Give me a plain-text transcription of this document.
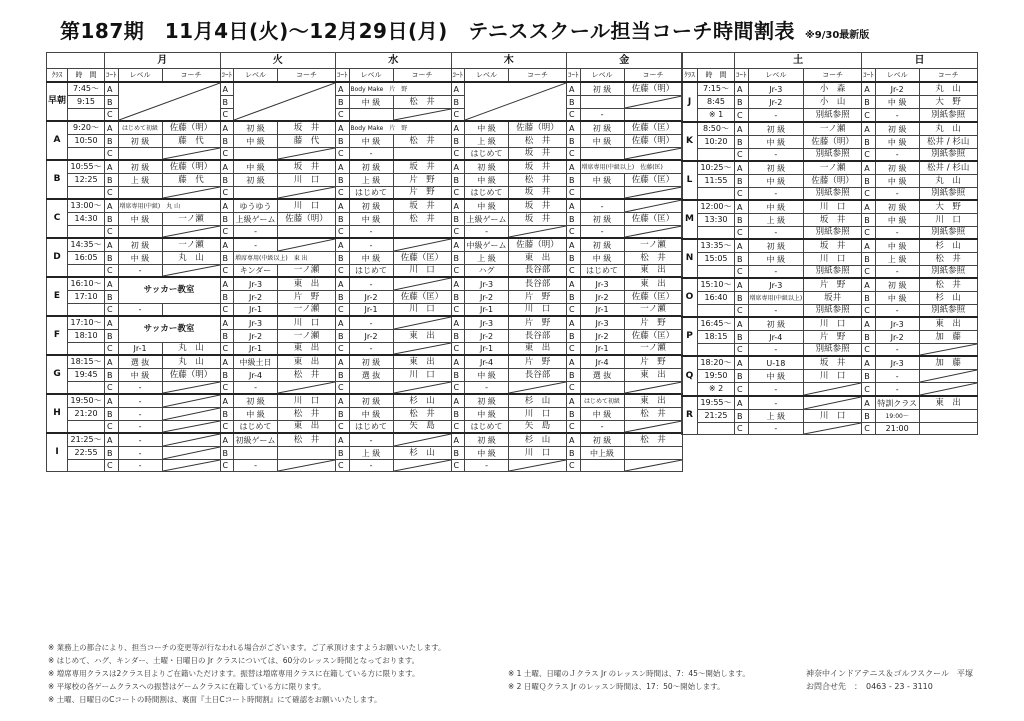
第187期　11月4日(火)〜12月29日(月)　テニススクール担当コーチ時間割表 ※9/30最新版
		月			火			水			木			金		
ｸﾗｽ	時　間	ｺｰﾄ	レベル	コーチ	ｺｰﾄ	レベル	コーチ	ｺｰﾄ	レベル	コーチ	ｺｰﾄ	レベル	コーチ	ｺｰﾄ	レベル	コーチ
早朝	7:45〜	A			A			A	Body Make　片　野		A			A	初 級	佐藤（明）
	9:15	B			B			B	中 級	松　井	B			B		

		C			C			C			C			C	-	
A	9:20〜	A	はじめて初級	佐藤（明）	A	初 級	坂　井	A	Body Make　片　野		A	中 級	佐藤（明）	A	初 級	佐藤（匡）
	10:50	B	初 級	藤　代	B	中 級	藤　代	B	中 級	松　井	B	上 級	松　井	B	中 級	佐藤（明）
		C			C			C	-		C	はじめて	坂　井	C		

B	10:55〜	A	初 級	佐藤（明）	A	中 級	坂　井	A	初 級	坂　井	A	初 級	坂　井	A	増席専用(中級以上)　佐藤(匡)	
	12:25	B	上 級	藤　代	B	初 級	川　口	B	上 級	片　野	B	中 級	松　井	B	中 級	佐藤（匡）
		C			C			C	はじめて	片　野	C	はじめて	坂　井	C		

C	13:00〜	A	増席専用(中級)　丸 山		A	ゆうゆう	川　口	A	初 級	坂　井	A	中 級	坂　井	A	-	

	14:30	B	中 級	一ノ瀬	B	上級ゲーム	佐藤（明）	B	中 級	松　井	B	上級ゲーム	坂　井	B	初 級	佐藤（匡）
		C			C	-		C	-		C	-		C	-	

D	14:35〜	A	初 級	一ノ瀬	A	-		A	-		A	中級ゲーム	佐藤（明）	A	初 級	一ノ瀬
	16:05	B	中 級	丸　山	B	増席専用(中級以上)　東 出		B	中 級	佐藤（匡）	B	上 級	東　出	B	中 級	松　井
		C	-		C	キンダー	一ノ瀬	C	はじめて	川　口	C	ハグ	長谷部	C	はじめて	東　出
E	16:10〜	A	サッカー教室		A	Jr-3	東　出	A	-		A	Jr-3	長谷部	A	Jr-3	東　出
	17:10	B			B	Jr-2	片　野	B	Jr-2	佐藤（匡）	B	Jr-2	片　野	B	Jr-2	佐藤（匡）
		C	-		C	Jr-1	一ノ瀬	C	Jr-1	川　口	C	Jr-1	川　口	C	Jr-1	一ノ瀬
F	17:10〜	A	サッカー教室		A	Jr-3	川　口	A	-		A	Jr-3	片　野	A	Jr-3	片　野
	18:10	B			B	Jr-2	一ノ瀬	B	Jr-2	東　出	B	Jr-2	長谷部	B	Jr-2	佐藤（匡）
		C	Jr-1	丸　山	C	Jr-1	東　出	C	-		C	Jr-1	東　出	C	Jr-1	一ノ瀬
G	18:15〜	A	選 抜	丸　山	A	中級土日	東　出	A	初 級	東　出	A	Jr-4	片　野	A	Jr-4	片　野
	19:45	B	中 級	佐藤（明）	B	Jr-4	松　井	B	選 抜	川　口	B	中 級	長谷部	B	選 抜	東　出
		C	-		C	-		C			C	-		C		

H	19:50〜	A	-		A	初 級	川　口	A	初 級	杉　山	A	初 級	杉　山	A	はじめて初級	東　出
	21:20	B	-		B	中 級	松　井	B	中 級	松　井	B	中 級	川　口	B	中 級	松　井
		C	-		C	はじめて	東　出	C	はじめて	矢　島	C	はじめて	矢　島	C	-	

I	21:25〜	A	-		A	初級ゲーム	松　井	A	-		A	初 級	杉　山	A	初 級	松　井
	22:55	B	-		B			B	上 級	杉　山	B	中 級	川　口	B	中上級	
		C	-		C	-		C	-		C	-		C		
		土			日		
ｸﾗｽ	時　間	ｺｰﾄ	レベル	コーチ	ｺｰﾄ	レベル	コーチ
J	7:15〜	A	Jr-3	小　森	A	Jr-2	丸　山
	8:45	B	Jr-2	小　山	B	中 級	大　野
	※ 1	C	-	別紙参照	C	-	別紙参照
K	8:50〜	A	初 級	一ノ瀬	A	初 級	丸　山
	10:20	B	中 級	佐藤（明）	B	中 級	松井 / 杉山
		C	-	別紙参照	C	-	別紙参照
L	10:25〜	A	初 級	一ノ瀬	A	初 級	松井 / 杉山
	11:55	B	中 級	佐藤（明）	B	中 級	丸　山
		C	-	別紙参照	C	-	別紙参照
M	12:00〜	A	中 級	川　口	A	初 級	大　野
	13:30	B	上 級	坂　井	B	中 級	川　口
		C	-	別紙参照	C	-	別紙参照
N	13:35〜	A	初 級	坂　井	A	中 級	杉　山
	15:05	B	中 級	川　口	B	上 級	松　井
		C	-	別紙参照	C	-	別紙参照
O	15:10〜	A	Jr-3	片　野	A	初 級	松　井
	16:40	B	増席専用(中級以上)	坂井	B	中 級	杉　山
		C	-	別紙参照	C	-	別紙参照
P	16:45〜	A	初 級	川　口	A	Jr-3	東　出
	18:15	B	Jr-4	片　野	B	Jr-2	加　藤
		C	-	別紙参照	C	-	

Q	18:20〜	A	U-18	坂　井	A	Jr-3	加　藤
	19:50	B	中 級	川　口	B	-	

	※ 2	C	-		C	-	

R	19:55〜	A	-		A	特訓クラス	東　出
	21:25	B	上 級	川　口	B	19:00〜	
		C	-		C	21:00	
※ 業務上の都合により、担当コーチの変更等が行なわれる場合がございます。ご了承頂けますようお願いいたします。
※ はじめて、ハグ、キンダー、土曜・日曜日の Jr クラスについては、60分のレッスン時間となっております。
※ 増席専用クラスは2クラス目よりご在籍いただけます。振替は増席専用クラスに在籍している方に限ります。
※ 平塚校の各ゲームクラスへの振替はゲームクラスに在籍している方に限ります。
※ 土曜、日曜日のCコートの時間割は、裏面『土日Cコート時間割』にて確認をお願いいたします。
※ 1 土曜、日曜のＪクラス Jr のレッスン時間は、7：45〜開始します。
※ 2 日曜Ｑクラス Jr のレッスン時間は、17：50〜開始します。
神奈中インドアテニス＆ゴルフスクール　平塚
お問合せ先　：　0463 - 23 - 3110
